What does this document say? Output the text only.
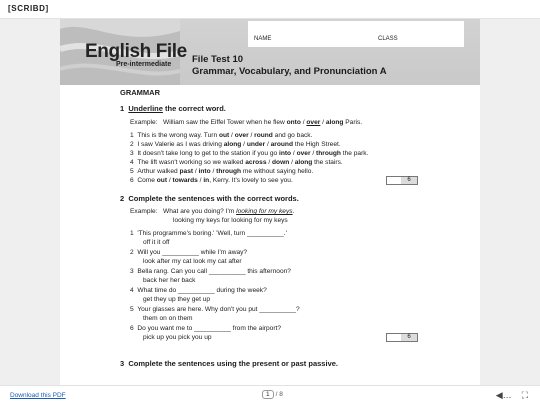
[SCRIBD]
NAME	CLASS
English File
Pre-intermediate File Test 10
Grammar, Vocabulary, and Pronunciation A
GRAMMAR
1 Underline the correct word.
Example: William saw the Eiffel Tower when he flew onto / over / along Paris.
1 This is the wrong way. Turn out / over / round and go back.
2 I saw Valerie as I was driving along / under / around the High Street.
3 It doesn't take long to get to the station if you go into / over / through the park.
4 The lift wasn't working so we walked across / down / along the stairs.
5 Arthur walked past / into / through me without saying hello.
6 Come out / towards / in, Kerry. It's lovely to see you.	6
2 Complete the sentences with the correct words.
Example: What are you doing? I'm looking for my keys.
looking my keys for looking for my keys
1 'This programme's boring.' 'Well, turn __________.'
off it it off
2 Will you __________ while I'm away?
look after my cat look my cat after
3 Bella rang. Can you call __________ this afternoon?
back her her back
4 What time do __________ during the week?
get they up they get up
5 Your glasses are here. Why don't you put __________?
them on on them
6 Do you want me to __________ from the airport?
pick up you pick you up	6
3 Complete the sentences using the present or past passive.
Download this PDF	1 / 8	◀… ⛶
